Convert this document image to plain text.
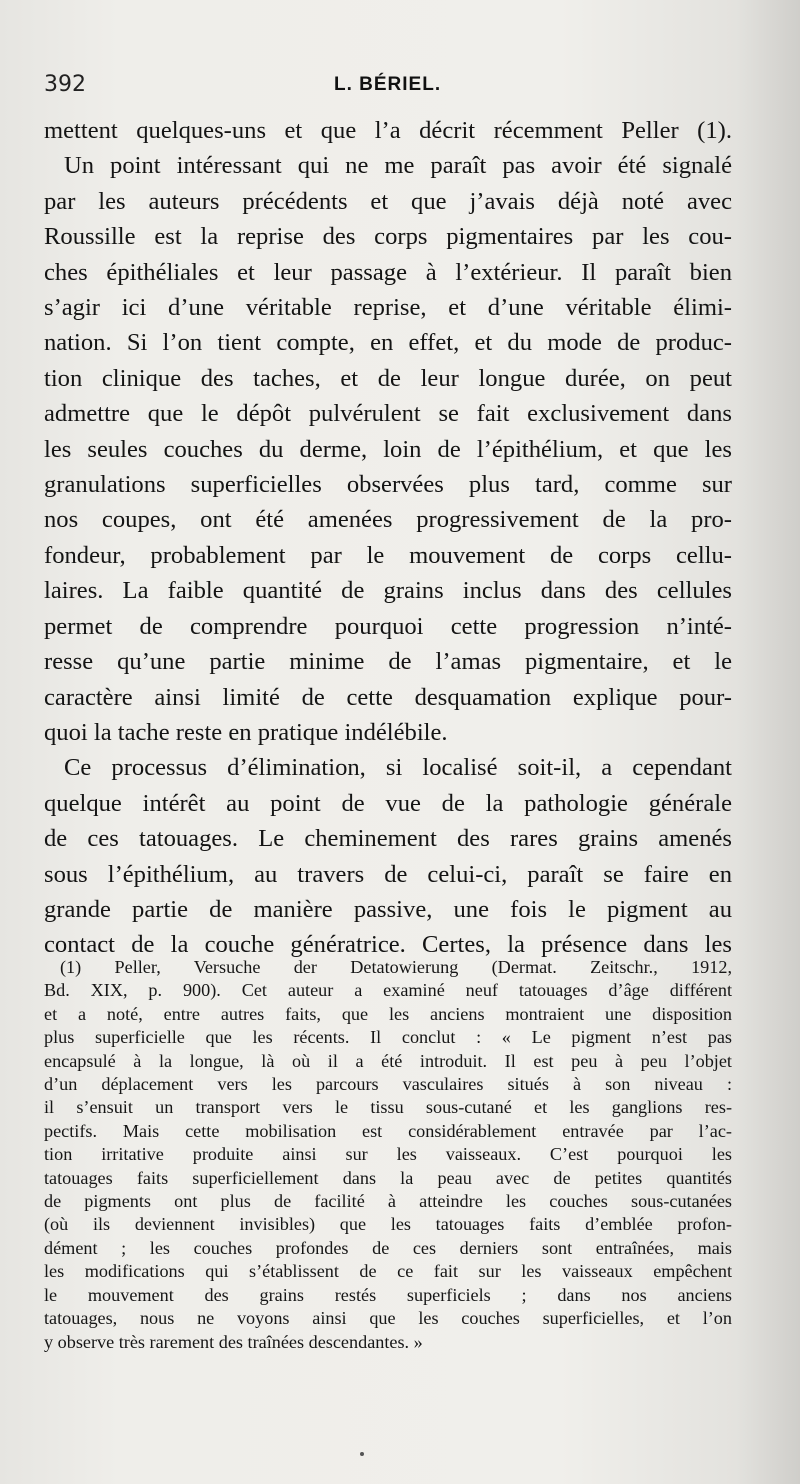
392	L. BÉRIEL.
mettent quelques-uns et que l’a décrit récemment Peller (1).
Un point intéressant qui ne me paraît pas avoir été signalé
par les auteurs précédents et que j’avais déjà noté avec
Roussille est la reprise des corps pigmentaires par les cou-
ches épithéliales et leur passage à l’extérieur. Il paraît bien
s’agir ici d’une véritable reprise, et d’une véritable élimi-
nation. Si l’on tient compte, en effet, et du mode de produc-
tion clinique des taches, et de leur longue durée, on peut
admettre que le dépôt pulvérulent se fait exclusivement dans
les seules couches du derme, loin de l’épithélium, et que les
granulations superficielles observées plus tard, comme sur
nos coupes, ont été amenées progressivement de la pro-
fondeur, probablement par le mouvement de corps cellu-
laires. La faible quantité de grains inclus dans des cellules
permet de comprendre pourquoi cette progression n’inté-
resse qu’une partie minime de l’amas pigmentaire, et le
caractère ainsi limité de cette desquamation explique pour-
quoi la tache reste en pratique indélébile.
Ce processus d’élimination, si localisé soit-il, a cependant
quelque intérêt au point de vue de la pathologie générale
de ces tatouages. Le cheminement des rares grains amenés
sous l’épithélium, au travers de celui-ci, paraît se faire en
grande partie de manière passive, une fois le pigment au
contact de la couche génératrice. Certes, la présence dans les
(1) Peller, Versuche der Detatowierung (Dermat. Zeitschr., 1912,
Bd. XIX, p. 900). Cet auteur a examiné neuf tatouages d’âge différent
et a noté, entre autres faits, que les anciens montraient une disposition
plus superficielle que les récents. Il conclut : « Le pigment n’est pas
encapsulé à la longue, là où il a été introduit. Il est peu à peu l’objet
d’un déplacement vers les parcours vasculaires situés à son niveau :
il s’ensuit un transport vers le tissu sous-cutané et les ganglions res-
pectifs. Mais cette mobilisation est considérablement entravée par l’ac-
tion irritative produite ainsi sur les vaisseaux. C’est pourquoi les
tatouages faits superficiellement dans la peau avec de petites quantités
de pigments ont plus de facilité à atteindre les couches sous-cutanées
(où ils deviennent invisibles) que les tatouages faits d’emblée profon-
dément ; les couches profondes de ces derniers sont entraînées, mais
les modifications qui s’établissent de ce fait sur les vaisseaux empêchent
le mouvement des grains restés superficiels ; dans nos anciens
tatouages, nous ne voyons ainsi que les couches superficielles, et l’on
y observe très rarement des traînées descendantes. »
